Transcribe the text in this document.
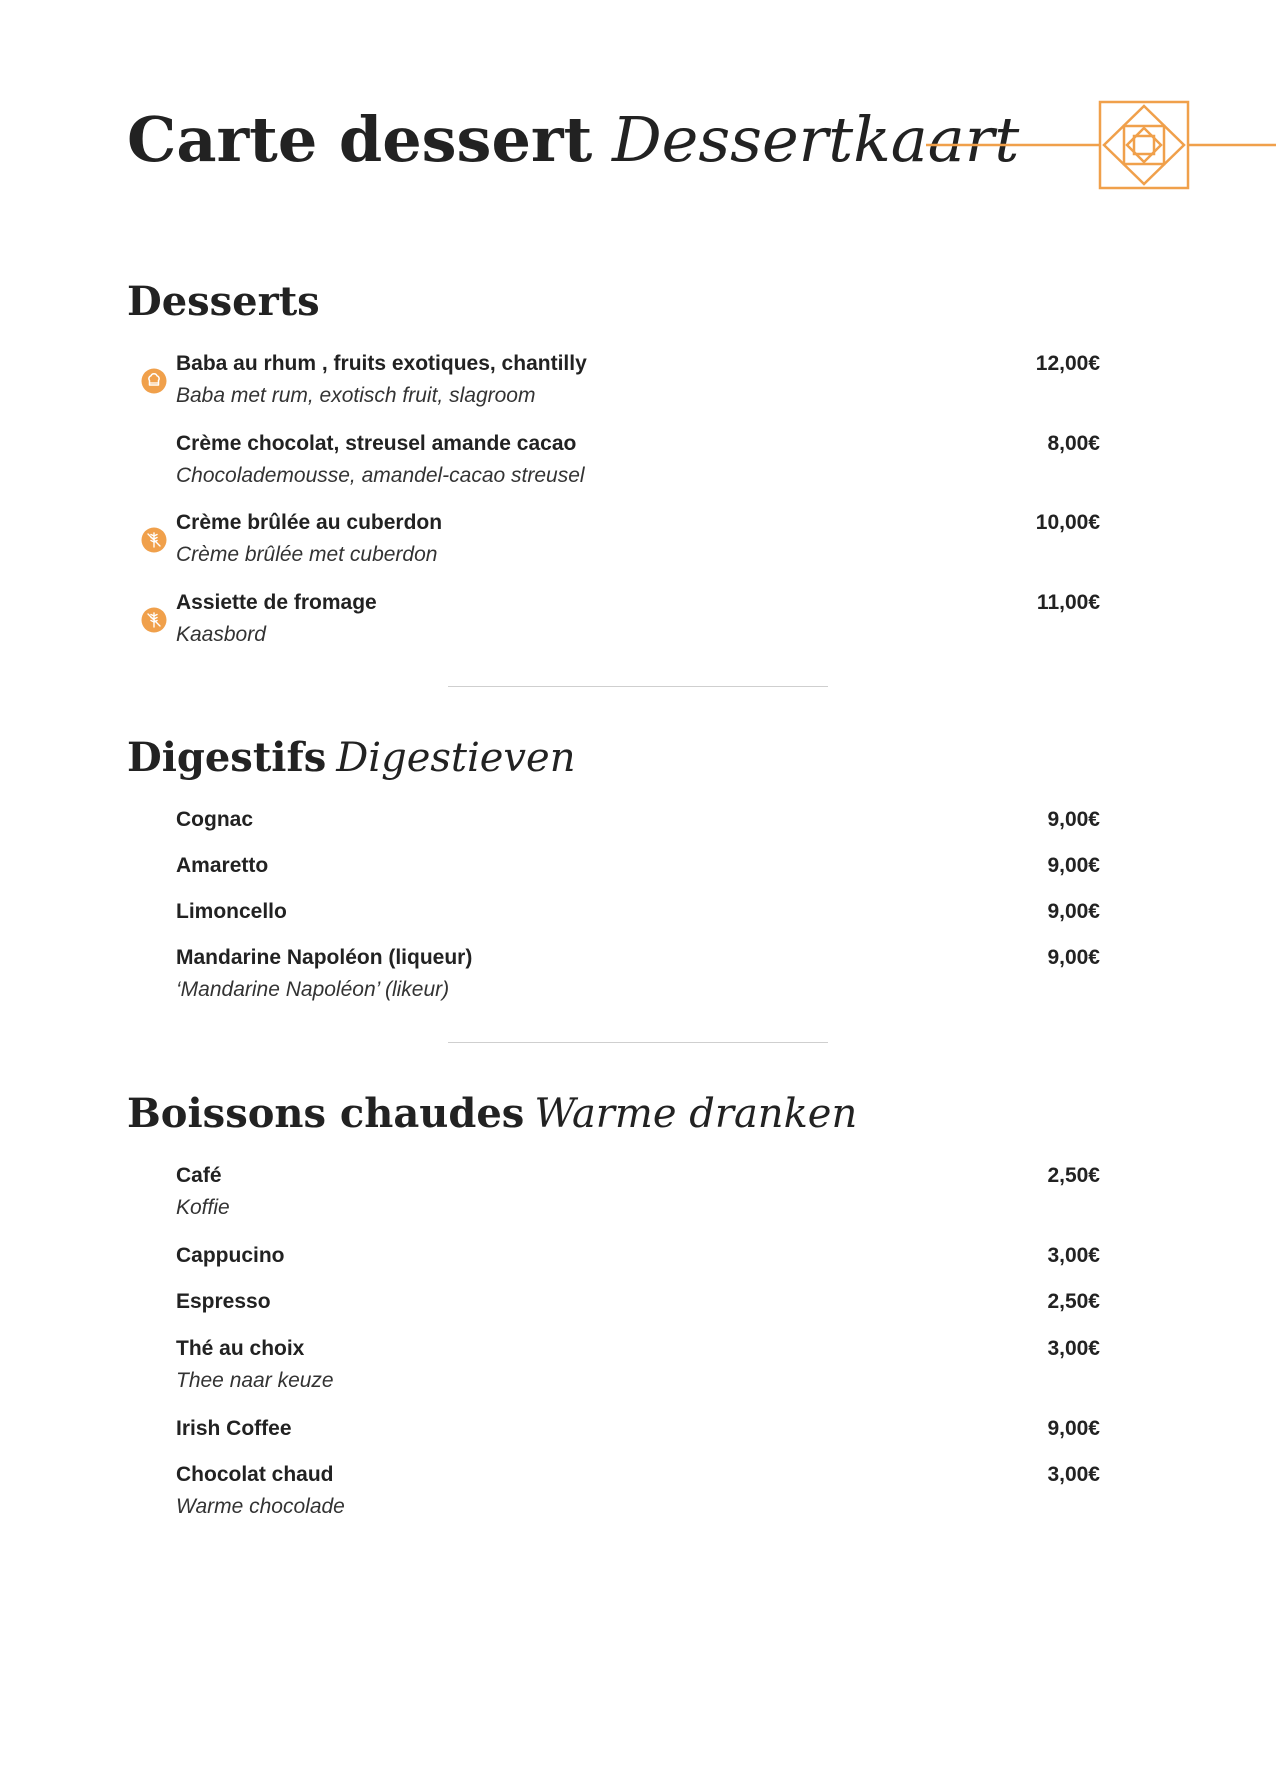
Carte dessert Dessertkaart
Desserts
Baba au rhum , fruits exotiques, chantilly	12,00€
Baba met rum, exotisch fruit, slagroom
Crème chocolat, streusel amande cacao	8,00€
Chocolademousse, amandel-cacao streusel
Crème brûlée au cuberdon	10,00€
Crème brûlée met cuberdon
Assiette de fromage	11,00€
Kaasbord
Digestifs Digestieven
Cognac	9,00€
Amaretto	9,00€
Limoncello	9,00€
Mandarine Napoléon (liqueur)	9,00€
‘Mandarine Napoléon’ (likeur)
Boissons chaudes Warme dranken
Café	2,50€
Koffie
Cappucino	3,00€
Espresso	2,50€
Thé au choix	3,00€
Thee naar keuze
Irish Coffee	9,00€
Chocolat chaud	3,00€
Warme chocolade
